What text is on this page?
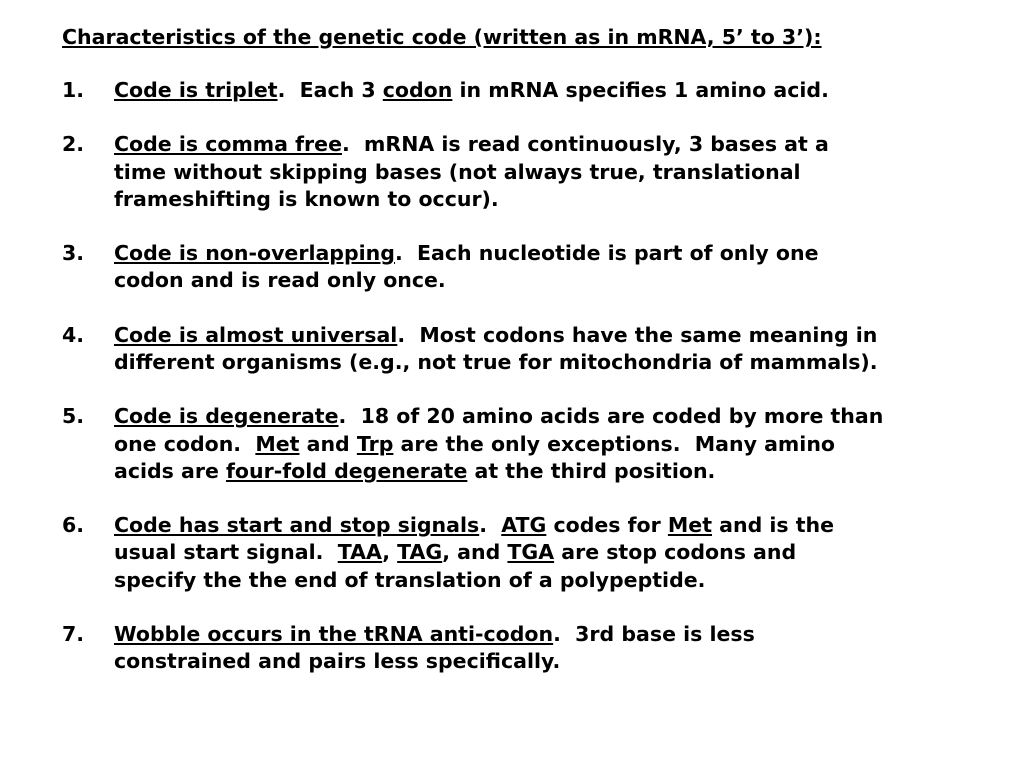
Characteristics of the genetic code (written as in mRNA, 5’ to 3’):
1. Code is triplet.  Each 3 codon in mRNA specifies 1 amino acid.
2. Code is comma free.  mRNA is read continuously, 3 bases at a
time without skipping bases (not always true, translational
frameshifting is known to occur).
3. Code is non-overlapping.  Each nucleotide is part of only one
codon and is read only once.
4. Code is almost universal.  Most codons have the same meaning in
different organisms (e.g., not true for mitochondria of mammals).
5. Code is degenerate.  18 of 20 amino acids are coded by more than
one codon.  Met and Trp are the only exceptions.  Many amino
acids are four-fold degenerate at the third position.
6. Code has start and stop signals.  ATG codes for Met and is the
usual start signal.  TAA, TAG, and TGA are stop codons and
specify the the end of translation of a polypeptide.
7. Wobble occurs in the tRNA anti-codon.  3rd base is less
constrained and pairs less specifically.
